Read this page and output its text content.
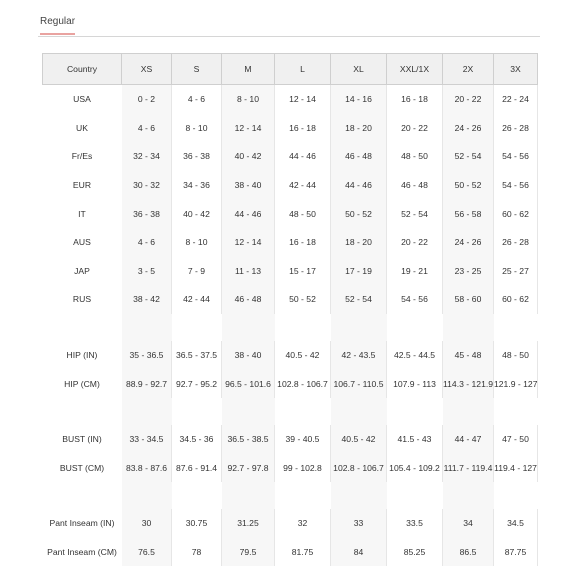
Regular
Country	XS	S	M	L	XL	XXL/1X	2X	3X
USA	0 - 2	4 - 6	8 - 10	12 - 14	14 - 16	16 - 18	20 - 22	22 - 24
UK	4 - 6	8 - 10	12 - 14	16 - 18	18 - 20	20 - 22	24 - 26	26 - 28
Fr/Es	32 - 34	36 - 38	40 - 42	44 - 46	46 - 48	48 - 50	52 - 54	54 - 56
EUR	30 - 32	34 - 36	38 - 40	42 - 44	44 - 46	46 - 48	50 - 52	54 - 56
IT	36 - 38	40 - 42	44 - 46	48 - 50	50 - 52	52 - 54	56 - 58	60 - 62
AUS	4 - 6	8 - 10	12 - 14	16 - 18	18 - 20	20 - 22	24 - 26	26 - 28
JAP	3 - 5	7 - 9	11 - 13	15 - 17	17 - 19	19 - 21	23 - 25	25 - 27
RUS	38 - 42	42 - 44	46 - 48	50 - 52	52 - 54	54 - 56	58 - 60	60 - 62

HIP (IN)	35 - 36.5	36.5 - 37.5	38 - 40	40.5 - 42	42 - 43.5	42.5 - 44.5	45 - 48	48 - 50
HIP (CM)	88.9 - 92.7	92.7 - 95.2	96.5 - 101.6	102.8 - 106.7	106.7 - 110.5	107.9 - 113	114.3 - 121.9	121.9 - 127

BUST (IN)	33 - 34.5	34.5 - 36	36.5 - 38.5	39 - 40.5	40.5 - 42	41.5 - 43	44 - 47	47 - 50
BUST (CM)	83.8 - 87.6	87.6 - 91.4	92.7 - 97.8	99 - 102.8	102.8 - 106.7	105.4 - 109.2	111.7 - 119.4	119.4 - 127

Pant Inseam (IN)	30	30.75	31.25	32	33	33.5	34	34.5
Pant Inseam (CM)	76.5	78	79.5	81.75	84	85.25	86.5	87.75
